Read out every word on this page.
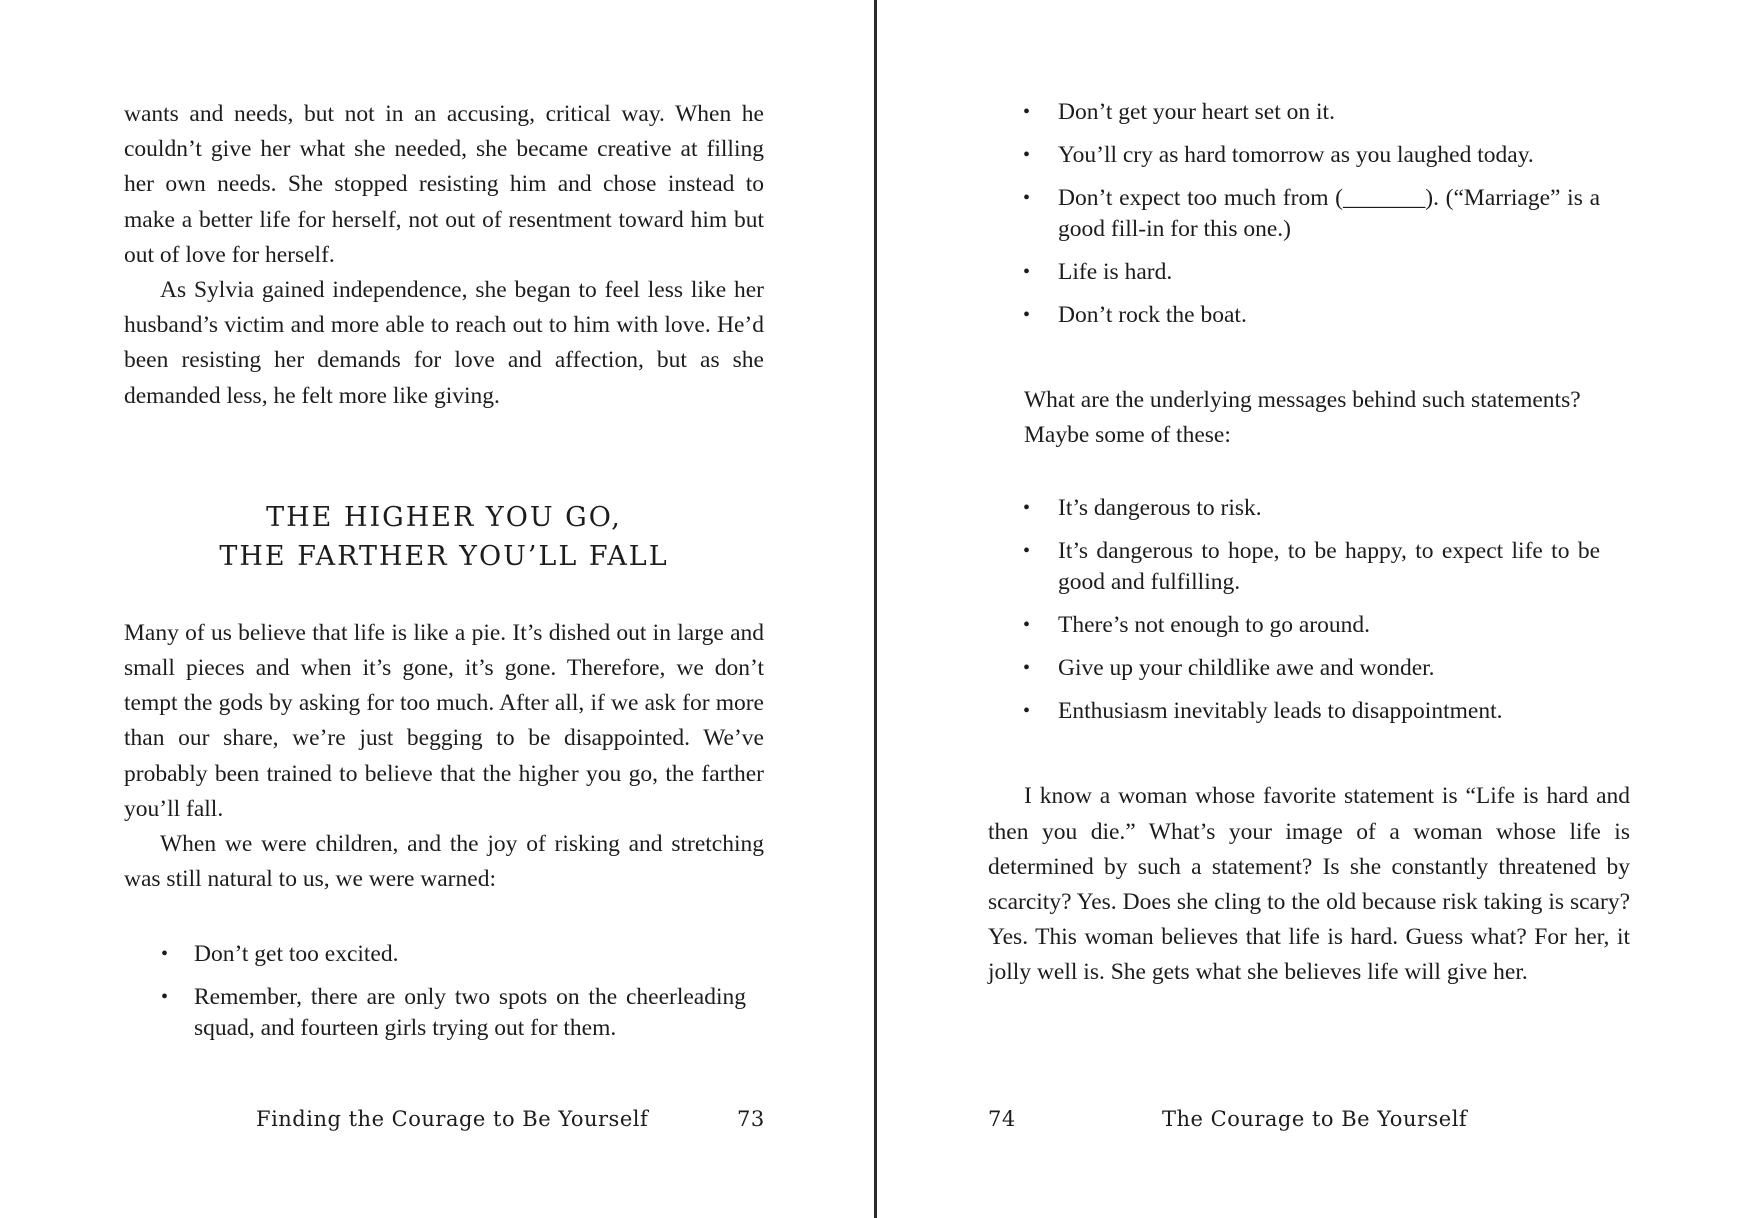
wants and needs, but not in an accusing, critical way. When he couldn’t give her what she needed, she became creative at filling her own needs. She stopped resisting him and chose instead to make a better life for herself, not out of resentment toward him but out of love for herself.

As Sylvia gained independence, she began to feel less like her husband’s victim and more able to reach out to him with love. He’d been resisting her demands for love and affection, but as she demanded less, he felt more like giving.

THE HIGHER YOU GO,
THE FARTHER YOU’LL FALL

Many of us believe that life is like a pie. It’s dished out in large and small pieces and when it’s gone, it’s gone. Therefore, we don’t tempt the gods by asking for too much. After all, if we ask for more than our share, we’re just begging to be disappointed. We’ve probably been trained to believe that the higher you go, the farther you’ll fall.

When we were children, and the joy of risking and stretching was still natural to us, we were warned:

• Don’t get too excited.
• Remember, there are only two spots on the cheerleading squad, and fourteen girls trying out for them.
Finding the Courage to Be Yourself	73
• Don’t get your heart set on it.
• You’ll cry as hard tomorrow as you laughed today.
• Don’t expect too much from (_______). (“Marriage” is a good fill-in for this one.)
• Life is hard.
• Don’t rock the boat.

What are the underlying messages behind such statements?

Maybe some of these:

• It’s dangerous to risk.
• It’s dangerous to hope, to be happy, to expect life to be good and fulfilling.
• There’s not enough to go around.
• Give up your childlike awe and wonder.
• Enthusiasm inevitably leads to disappointment.

I know a woman whose favorite statement is “Life is hard and then you die.” What’s your image of a woman whose life is determined by such a statement? Is she constantly threatened by scarcity? Yes. Does she cling to the old because risk taking is scary? Yes. This woman believes that life is hard. Guess what? For her, it jolly well is. She gets what she believes life will give her.

74	The Courage to Be Yourself
